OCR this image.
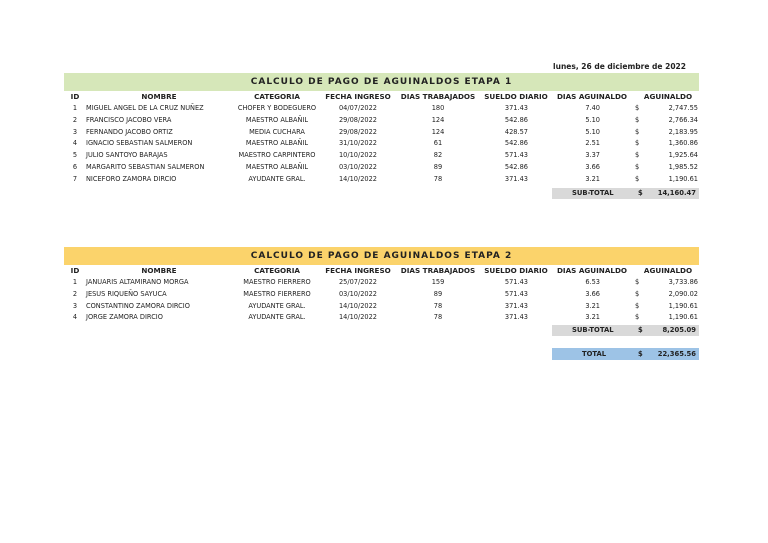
lunes, 26 de diciembre de 2022
CALCULO DE PAGO DE AGUINALDOS ETAPA 1
ID	NOMBRE	CATEGORIA	FECHA INGRESO	DIAS TRABAJADOS	SUELDO DIARIO	DIAS AGUINALDO	AGUINALDO
1	MIGUEL ANGEL DE LA CRUZ NUÑEZ	CHOFER Y BODEGUERO	04/07/2022	180	371.43	7.40	$	2,747.55
2	FRANCISCO JACOBO VERA	MAESTRO ALBAÑIL	29/08/2022	124	542.86	5.10	$	2,766.34
3	FERNANDO JACOBO ORTIZ	MEDIA CUCHARA	29/08/2022	124	428.57	5.10	$	2,183.95
4	IGNACIO SEBASTIAN SALMERON	MAESTRO ALBAÑIL	31/10/2022	61	542.86	2.51	$	1,360.86
5	JULIO SANTOYO BARAJAS	MAESTRO CARPINTERO	10/10/2022	82	571.43	3.37	$	1,925.64
6	MARGARITO SEBASTIAN SALMERON	MAESTRO ALBAÑIL	03/10/2022	89	542.86	3.66	$	1,985.52
7	NICEFORO ZAMORA DIRCIO	AYUDANTE GRAL.	14/10/2022	78	371.43	3.21	$	1,190.61
SUB-TOTAL	$ 14,160.47
CALCULO DE PAGO DE AGUINALDOS ETAPA 2
ID	NOMBRE	CATEGORIA	FECHA INGRESO	DIAS TRABAJADOS	SUELDO DIARIO	DIAS AGUINALDO	AGUINALDO
1	JANUARIS ALTAMIRANO MORGA	MAESTRO FIERRERO	25/07/2022	159	571.43	6.53	$	3,733.86
2	JESUS RIQUEÑO SAYUCA	MAESTRO FIERRERO	03/10/2022	89	571.43	3.66	$	2,090.02
3	CONSTANTINO ZAMORA DIRCIO	AYUDANTE GRAL.	14/10/2022	78	371.43	3.21	$	1,190.61
4	JORGE ZAMORA DIRCIO	AYUDANTE GRAL.	14/10/2022	78	371.43	3.21	$	1,190.61
SUB-TOTAL	$	8,205.09
TOTAL	$ 22,365.56
